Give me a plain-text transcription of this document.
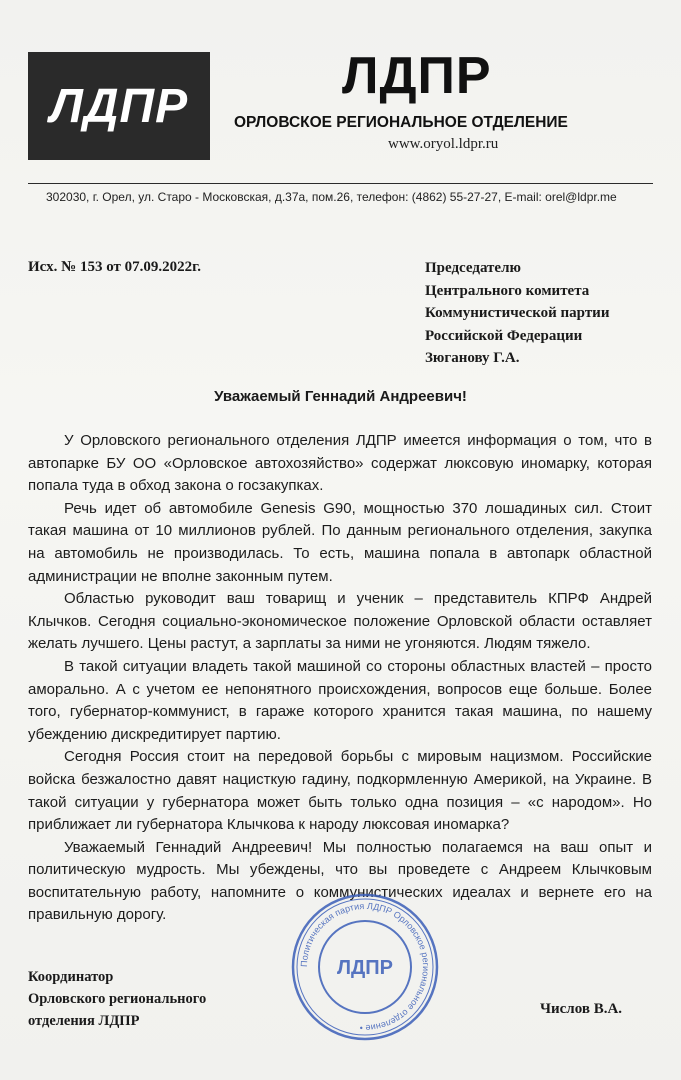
ЛДПР
ЛДПР
ОРЛОВСКОЕ РЕГИОНАЛЬНОЕ ОТДЕЛЕНИЕ
www.oryol.ldpr.ru
302030, г. Орел, ул. Старо - Московская, д.37а, пом.26, телефон: (4862) 55-27-27, E-mail: orel@ldpr.me
Исх. № 153 от 07.09.2022г.	Председателю
Центрального комитета
Коммунистической партии
Российской Федерации
Зюганову Г.А.
Уважаемый Геннадий Андреевич!

У Орловского регионального отделения ЛДПР имеется информация о том, что в автопарке БУ ОО «Орловское автохозяйство» содержат люксовую иномарку, которая попала туда в обход закона о госзакупках.

Речь идет об автомобиле Genesis G90, мощностью 370 лошадиных сил. Стоит такая машина от 10 миллионов рублей. По данным регионального отделения, закупка на автомобиль не производилась. То есть, машина попала в автопарк областной администрации не вполне законным путем.

Областью руководит ваш товарищ и ученик – представитель КПРФ Андрей Клычков. Сегодня социально-экономическое положение Орловской области оставляет желать лучшего. Цены растут, а зарплаты за ними не угоняются. Людям тяжело.

В такой ситуации владеть такой машиной со стороны областных властей – просто аморально. А с учетом ее непонятного происхождения, вопросов еще больше. Более того, губернатор-коммунист, в гараже которого хранится такая машина, по нашему убеждению дискредитирует партию.

Сегодня Россия стоит на передовой борьбы с мировым нацизмом. Российские войска безжалостно давят нацисткую гадину, подкормленную Америкой, на Украине. В такой ситуации у губернатора может быть только одна позиция – «с народом». Но приближает ли губернатора Клычкова к народу люксовая иномарка?

Уважаемый Геннадий Андреевич! Мы полностью полагаемся на ваш опыт и политическую мудрость. Мы убеждены, что вы проведете с Андреем Клычковым воспитательную работу, напомните о коммунистических идеалах и вернете его на правильную дорогу.

Координатор
Орловского регионального
отделения ЛДПР
Политическая партия ЛДПР Орловское региональное отделение •
ЛДПР
Числов В.А.
